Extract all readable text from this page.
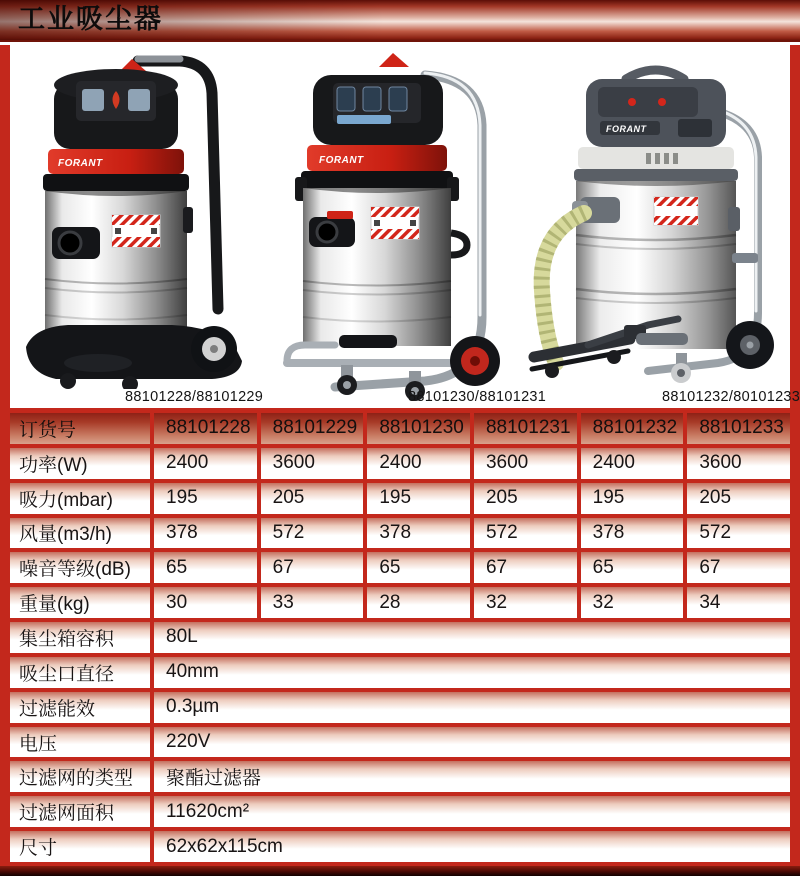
工业吸尘器
FORANT	FORANT
FORANT
88101228/88101229	88101230/88101231	88101232/80101233
订货号	88101228	88101229	88101230	88101231	88101232	88101233
功率(W)	2400	3600	2400	3600	2400	3600
吸力(mbar)	195	205	195	205	195	205
风量(m3/h)	378	572	378	572	378	572
噪音等级(dB)	65	67	65	67	65	67
重量(kg)	30	33	28	32	32	34
集尘箱容积	80L
吸尘口直径	40mm
过滤能效	0.3µm
电压	220V
过滤网的类型	聚酯过滤器
过滤网面积	11620cm²
尺寸	62x62x115cm
